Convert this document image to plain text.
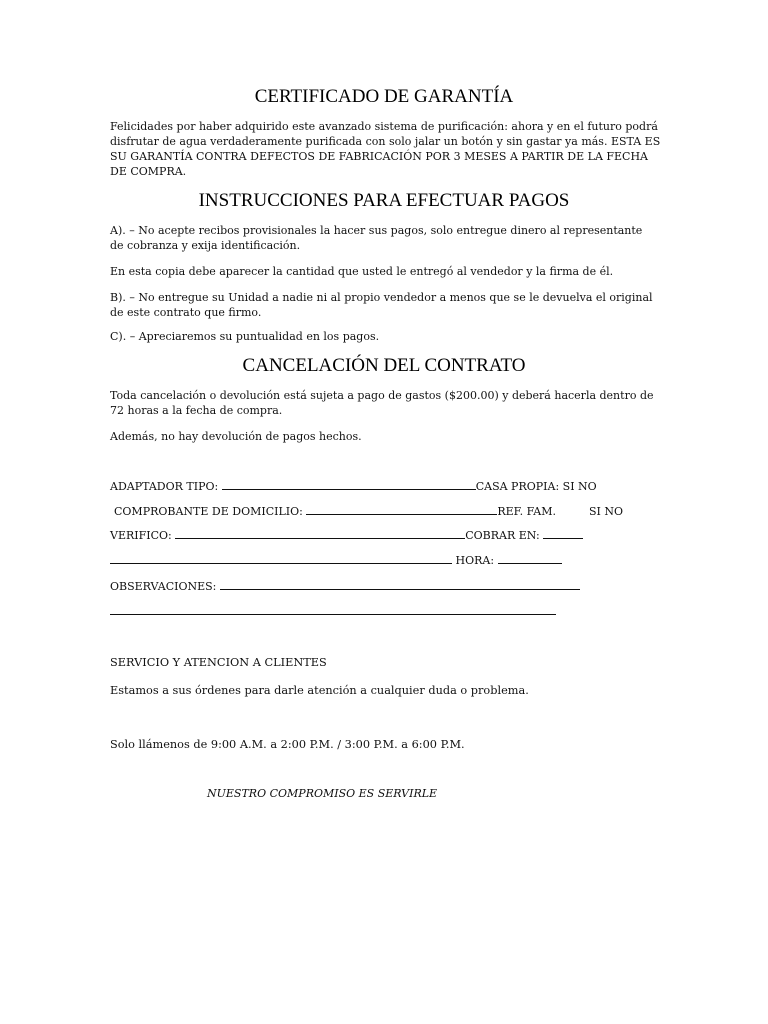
CERTIFICADO DE GARANTÍA
Felicidades por haber adquirido este avanzado sistema de purificación: ahora y en el futuro podrá
disfrutar de agua verdaderamente purificada con solo jalar un botón y sin gastar ya más. ESTA ES
SU GARANTÍA CONTRA DEFECTOS DE FABRICACIÓN POR 3 MESES A PARTIR DE LA FECHA
DE COMPRA.
INSTRUCCIONES PARA EFECTUAR PAGOS
A). – No acepte recibos provisionales la hacer sus pagos, solo entregue dinero al representante
de cobranza y exija identificación.
En esta copia debe aparecer la cantidad que usted le entregó al vendedor y la firma de él.
B). – No entregue su Unidad a nadie ni al propio vendedor a menos que se le devuelva el original
de este contrato que firmo.
C). – Apreciaremos su puntualidad en los pagos.
CANCELACIÓN DEL CONTRATO
Toda cancelación o devolución está sujeta a pago de gastos ($200.00) y deberá hacerla dentro de
72 horas a la fecha de compra.
Además, no hay devolución de pagos hechos.
ADAPTADOR TIPO:	CASA PROPIA: SI NO
COMPROBANTE DE DOMICILIO:	REF. FAM.	SI NO
VERIFICO:	COBRAR EN:
HORA:
OBSERVACIONES:
SERVICIO Y ATENCION A CLIENTES
Estamos a sus órdenes para darle atención a cualquier duda o problema.
Solo llámenos de 9:00 A.M. a 2:00 P.M. / 3:00 P.M. a 6:00 P.M.
NUESTRO COMPROMISO ES SERVIRLE
